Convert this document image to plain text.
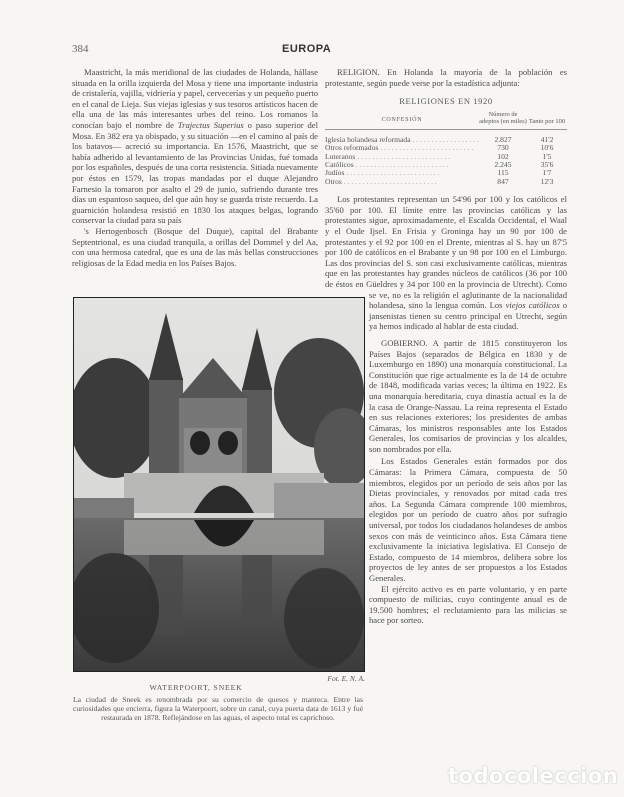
384	EUROPA

Maastricht, la más meridional de las ciudades de Holanda, hállase situada en la orilla izquierda del Mosa y tiene una importante industria de cristalería, vajilla, vidriería y papel, cervecerías y un pequeño puerto en el canal de Lieja. Sus viejas iglesias y sus tesoros artísticos hacen de ella una de las más interesantes urbes del reino. Los romanos la conocían bajo el nombre de Trajectus Superius o paso superior del Mosa. En 382 era ya obispado, y su situación —en el camino al país de los batavos— acreció su importancia. En 1576, Maastricht, que se había adherido al levantamiento de las Provincias Unidas, fué tomada por los españoles, después de una corta resistencia. Sitiada nuevamente por éstos en 1579, las tropas mandadas por el duque Alejandro Farnesio la tomaron por asalto el 29 de junio, sufriendo durante tres días un espantoso saqueo, del que aún hoy se guarda triste recuerdo. La guarnición holandesa resistió en 1830 los ataques belgas, logrando conservar la ciudad para su país

's Hertogenbosch (Bosque del Duque), capital del Brabante Septentrional, es una ciudad tranquila, a orillas del Dommel y del Aa, con una hermosa catedral, que es una de las más bellas construcciones religiosas de la Edad media en los Países Bajos.

RELIGION. En Holanda la mayoría de la población es protestante, según puede verse por la estadística adjunta:

RELIGIONES EN 1920
CONFESIÓN
Número de adeptos (en miles) Tanto por 100
Iglesia holandesa reformada . . .	2.827	41'2
Otros reformados . . .	730	10'6
Luteranos . . .	102	1'5
Católicos . . .	2.245	35'6
Judíos . . .	115	1'7
Otros . . .	847	12'3

Los protestantes representan un 54'96 por 100 y los católicos el 35'60 por 100. El límite entre las provincias católicas y las protestantes sigue, aproximadamente, el Escalda Occidental, el Waal y el Oude Ijsel. En Frisia y Groninga hay un 90 por 100 de protestantes y el 92 por 100 en el Drente, mientras al S. hay un 87'5 por 100 de católicos en el Brabante y un 98 por 100 en el Limburgo. Las dos provincias del S. son casi exclusivamente católicas, mientras que en las protestantes hay grandes núcleos de católicos (36 por 100 de éstos en Güeldres y 34 por 100 en la provincia de Utrecht). Como se ve, no es la religión el aglutinante de la nacionalidad holandesa, sino la lengua común. Los viejos católicos o jansenistas tienen su centro principal en Utrecht, según ya hemos indicado al hablar de esta ciudad.

GOBIERNO. A partir de 1815 constituyeron los Países Bajos (separados de Bélgica en 1830 y de Luxemburgo en 1890) una monarquía constitucional. La Constitución que rige actualmente es la de 14 de octubre de 1848, modificada varias veces; la última en 1922. Es una monarquía hereditaria, cuya dinastía actual es la de la casa de Orange-Nassau. La reina representa el Estado en sus relaciones exteriores; los presidentes de ambas Cámaras, los ministros responsables ante los Estados Generales, los comisarios de provincias y los alcaldes, son nombrados por ella.

Los Estados Generales están formados por dos Cámaras: la Primera Cámara, compuesta de 50 miembros, elegidos por un período de seis años por las Dietas provinciales, y renovados por mitad cada tres años. La Segunda Cámara comprende 100 miembros, elegidos por un período de cuatro años por sufragio universal, por todos los ciudadanos holandeses de ambos sexos con más de veinticinco años. Esta Cámara tiene exclusivamente la iniciativa legislativa. El Consejo de Estado, compuesto de 14 miembros, delibera sobre los proyectos de ley antes de ser propuestos a los Estados Generales.

El ejército activo es en parte voluntario, y en parte compuesto de milicias, cuyo contingente anual es de 19.500 hombres; el reclutamiento para las milicias se hace por sorteo.

Fot. E. N. A.
WATERPOORT, SNEEK
La ciudad de Sneek es renombrada por su comercio de quesos y manteca. Entre las curiosidades que encierra, figura la Waterpoort, sobre un canal, cuya puerta data de 1613 y fué restaurada en 1878. Reflejándose en las aguas, el aspecto total es caprichoso.
todocoleccion
